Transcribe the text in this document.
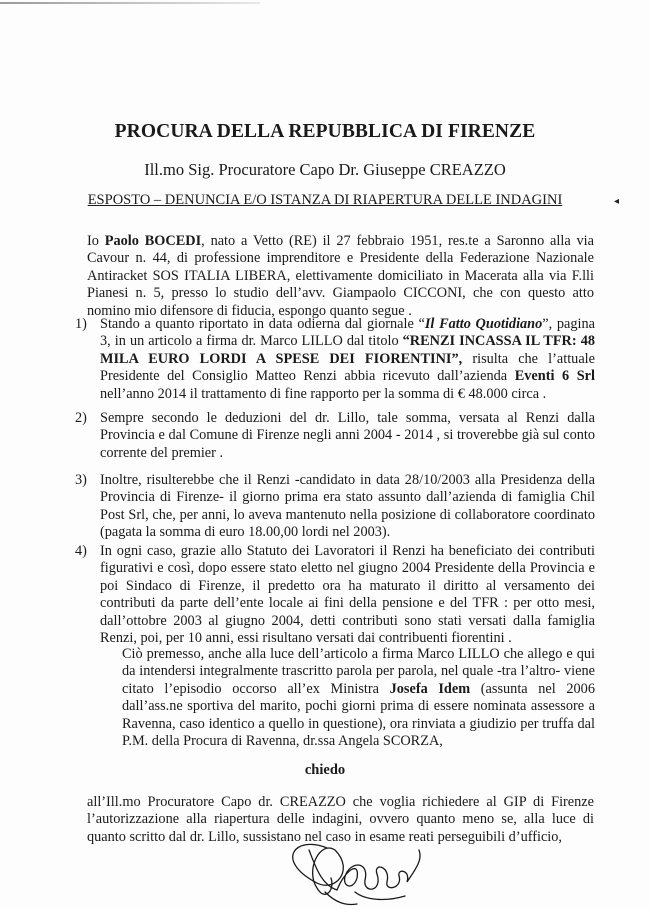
PROCURA DELLA REPUBBLICA DI FIRENZE
Ill.mo Sig. Procuratore Capo Dr. Giuseppe CREAZZO
ESPOSTO – DENUNCIA E/O ISTANZA DI RIAPERTURA DELLE INDAGINI	◂
Io Paolo BOCEDI, nato a Vetto (RE) il 27 febbraio 1951, res.te a Saronno alla via Cavour n. 44, di professione imprenditore e Presidente della Federazione Nazionale Antiracket SOS ITALIA LIBERA, elettivamente domiciliato in Macerata alla via F.lli Pianesi n. 5, presso lo studio dell’avv. Giampaolo CICCONI, che con questo atto nomino mio difensore di fiducia, espongo quanto segue .
1) Stando a quanto riportato in data odierna dal giornale “Il Fatto Quotidiano”, pagina 3, in un articolo a firma dr. Marco LILLO dal titolo “RENZI INCASSA IL TFR: 48 MILA EURO LORDI A SPESE DEI FIORENTINI”, risulta che l’attuale Presidente del Consiglio Matteo Renzi abbia ricevuto dall’azienda Eventi 6 Srl nell’anno 2014 il trattamento di fine rapporto per la somma di € 48.000 circa .
2) Sempre secondo le deduzioni del dr. Lillo, tale somma, versata al Renzi dalla Provincia e dal Comune di Firenze negli anni 2004 - 2014 , si troverebbe già sul conto corrente del premier .
3) Inoltre, risulterebbe che il Renzi -candidato in data 28/10/2003 alla Presidenza della Provincia di Firenze- il giorno prima era stato assunto dall’azienda di famiglia Chil Post Srl, che, per anni, lo aveva mantenuto nella posizione di collaboratore coordinato (pagata la somma di euro 18.00,00 lordi nel 2003).
4) In ogni caso, grazie allo Statuto dei Lavoratori il Renzi ha beneficiato dei contributi figurativi e così, dopo essere stato eletto nel giugno 2004 Presidente della Provincia e poi Sindaco di Firenze, il predetto ora ha maturato il diritto al versamento dei contributi da parte dell’ente locale ai fini della pensione e del TFR : per otto mesi, dall’ottobre 2003 al giugno 2004, detti contributi sono stati versati dalla famiglia Renzi, poi, per 10 anni, essi risultano versati dai contribuenti fiorentini .
Ciò premesso, anche alla luce dell’articolo a firma Marco LILLO che allego e qui da intendersi integralmente trascritto parola per parola, nel quale -tra l’altro- viene citato l’episodio occorso all’ex Ministra Josefa Idem (assunta nel 2006 dall’ass.ne sportiva del marito, pochi giorni prima di essere nominata assessore a Ravenna, caso identico a quello in questione), ora rinviata a giudizio per truffa dal P.M. della Procura di Ravenna, dr.ssa Angela SCORZA,
chiedo
all’Ill.mo Procuratore Capo dr. CREAZZO che voglia richiedere al GIP di Firenze l’autorizzazione alla riapertura delle indagini, ovvero quanto meno se, alla luce di quanto scritto dal dr. Lillo, sussistano nel caso in esame reati perseguibili d’ufficio,
